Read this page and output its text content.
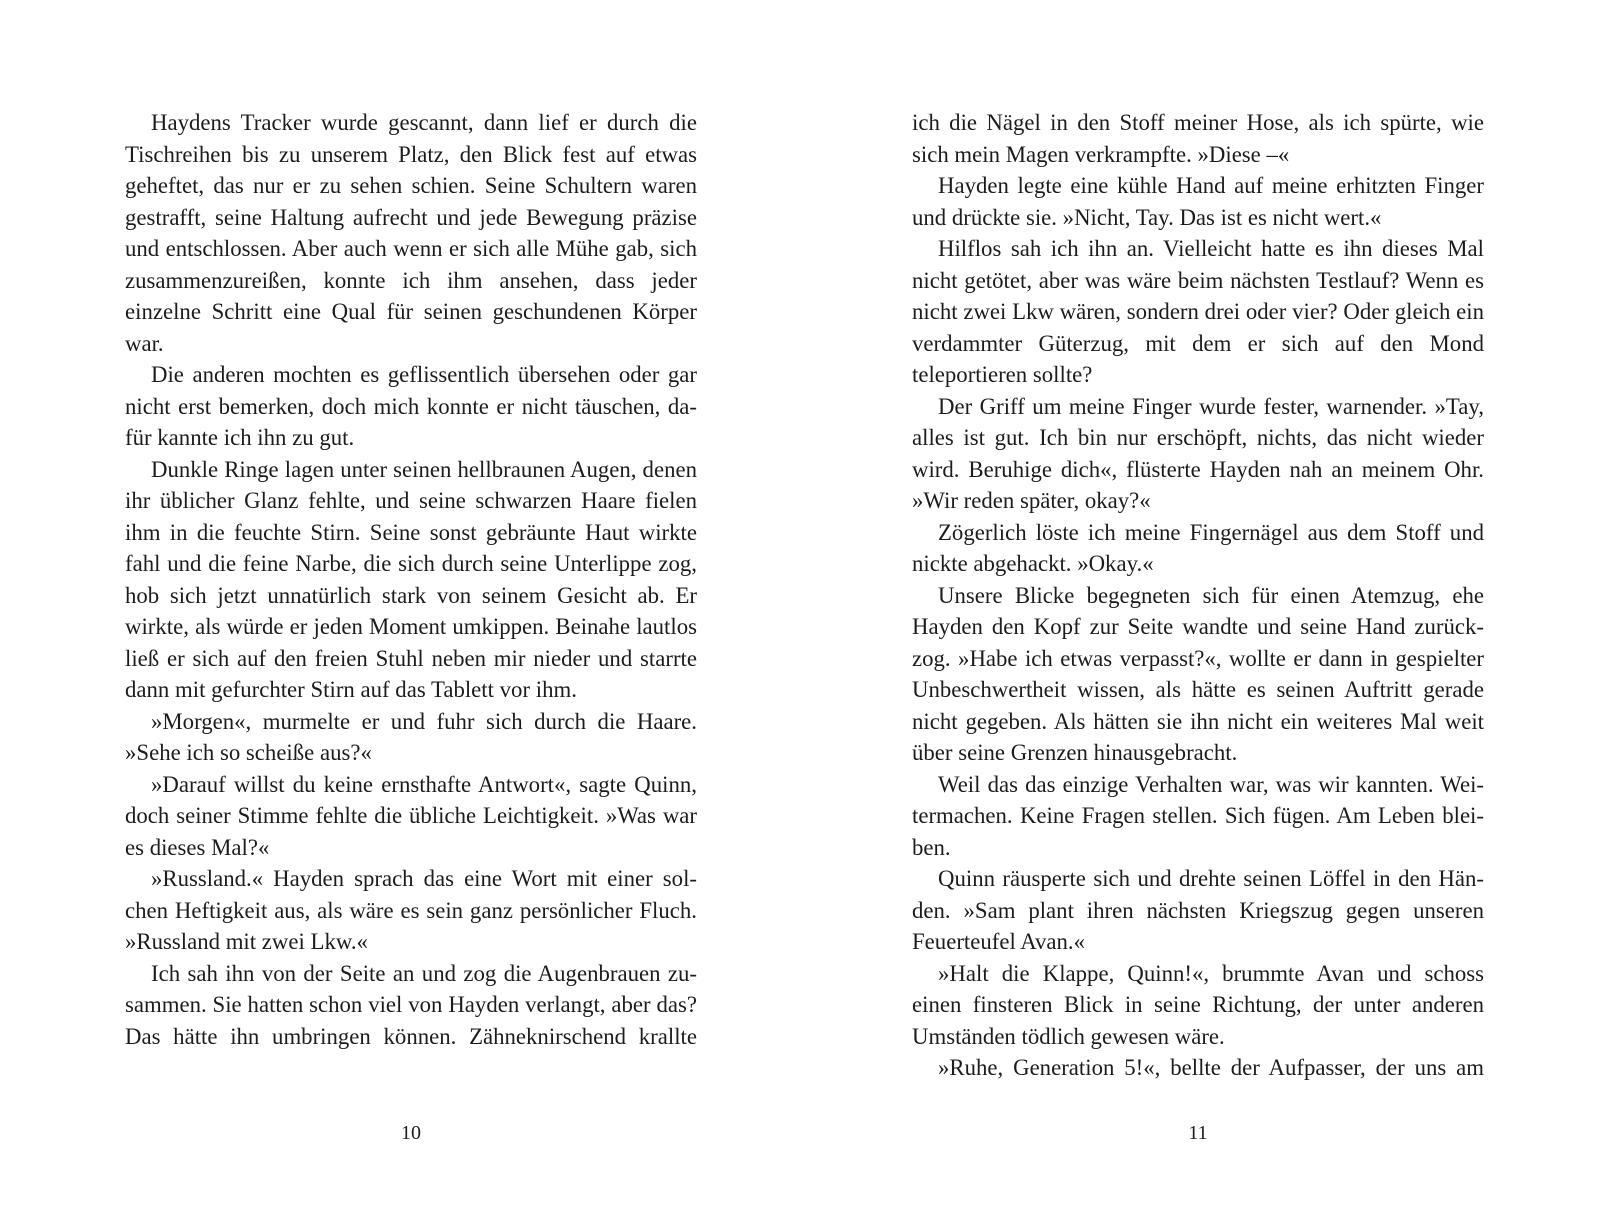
Haydens Tracker wurde gescannt, dann lief er durch die Tischreihen bis zu unserem Platz, den Blick fest auf etwas geheftet, das nur er zu sehen schien. Seine Schultern waren gestrafft, seine Haltung aufrecht und jede Bewegung präzise und entschlossen. Aber auch wenn er sich alle Mühe gab, sich zusammenzureißen, konnte ich ihm ansehen, dass jeder einzelne Schritt eine Qual für seinen geschundenen Körper war.

Die anderen mochten es geflissentlich übersehen oder gar nicht erst bemerken, doch mich konnte er nicht täuschen, dafür kannte ich ihn zu gut.

Dunkle Ringe lagen unter seinen hellbraunen Augen, denen ihr üblicher Glanz fehlte, und seine schwarzen Haare fielen ihm in die feuchte Stirn. Seine sonst gebräunte Haut wirkte fahl und die feine Narbe, die sich durch seine Unterlippe zog, hob sich jetzt unnatürlich stark von seinem Gesicht ab. Er wirkte, als würde er jeden Moment umkippen. Beinahe lautlos ließ er sich auf den freien Stuhl neben mir nieder und starrte dann mit gefurchter Stirn auf das Tablett vor ihm.

»Morgen«, murmelte er und fuhr sich durch die Haare. »Sehe ich so scheiße aus?«

»Darauf willst du keine ernsthafte Antwort«, sagte Quinn, doch seiner Stimme fehlte die übliche Leichtigkeit. »Was war es dieses Mal?«

»Russland.« Hayden sprach das eine Wort mit einer solchen Heftigkeit aus, als wäre es sein ganz persönlicher Fluch. »Russland mit zwei Lkw.«

Ich sah ihn von der Seite an und zog die Augenbrauen zusammen. Sie hatten schon viel von Hayden verlangt, aber das? Das hätte ihn umbringen können. Zähneknirschend krallte

10

ich die Nägel in den Stoff meiner Hose, als ich spürte, wie sich mein Magen verkrampfte. »Diese –«

Hayden legte eine kühle Hand auf meine erhitzten Finger und drückte sie. »Nicht, Tay. Das ist es nicht wert.«

Hilflos sah ich ihn an. Vielleicht hatte es ihn dieses Mal nicht getötet, aber was wäre beim nächsten Testlauf? Wenn es nicht zwei Lkw wären, sondern drei oder vier? Oder gleich ein verdammter Güterzug, mit dem er sich auf den Mond teleportieren sollte?

Der Griff um meine Finger wurde fester, warnender. »Tay, alles ist gut. Ich bin nur erschöpft, nichts, das nicht wieder wird. Beruhige dich«, flüsterte Hayden nah an meinem Ohr. »Wir reden später, okay?«

Zögerlich löste ich meine Fingernägel aus dem Stoff und nickte abgehackt. »Okay.«

Unsere Blicke begegneten sich für einen Atemzug, ehe Hayden den Kopf zur Seite wandte und seine Hand zurückzog. »Habe ich etwas verpasst?«, wollte er dann in gespielter Unbeschwertheit wissen, als hätte es seinen Auftritt gerade nicht gegeben. Als hätten sie ihn nicht ein weiteres Mal weit über seine Grenzen hinausgebracht.

Weil das das einzige Verhalten war, was wir kannten. Weitermachen. Keine Fragen stellen. Sich fügen. Am Leben bleiben.

Quinn räusperte sich und drehte seinen Löffel in den Händen. »Sam plant ihren nächsten Kriegszug gegen unseren Feuerteufel Avan.«

»Halt die Klappe, Quinn!«, brummte Avan und schoss einen finsteren Blick in seine Richtung, der unter anderen Umständen tödlich gewesen wäre.

»Ruhe, Generation 5!«, bellte der Aufpasser, der uns am

11
